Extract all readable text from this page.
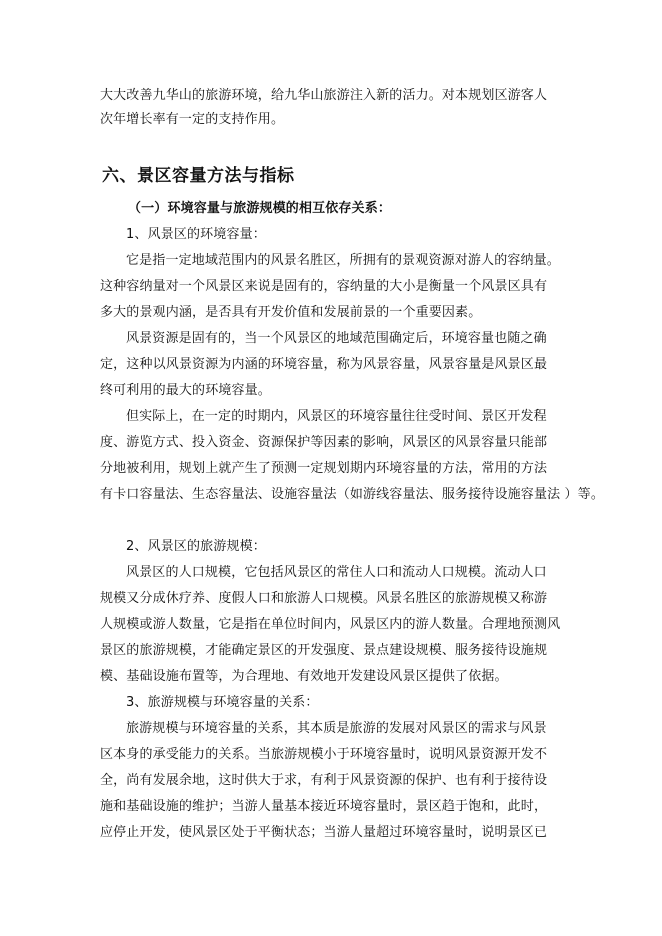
大大改善九华山的旅游环境，给九华山旅游注入新的活力。对本规划区游客人
次年增长率有一定的支持作用。
六、景区容量方法与指标
（一）环境容量与旅游规模的相互依存关系：
1、风景区的环境容量：
它是指一定地域范围内的风景名胜区，所拥有的景观资源对游人的容纳量。
这种容纳量对一个风景区来说是固有的，容纳量的大小是衡量一个风景区具有
多大的景观内涵，是否具有开发价值和发展前景的一个重要因素。
风景资源是固有的，当一个风景区的地域范围确定后，环境容量也随之确
定，这种以风景资源为内涵的环境容量，称为风景容量，风景容量是风景区最
终可利用的最大的环境容量。
但实际上，在一定的时期内，风景区的环境容量往往受时间、景区开发程
度、游览方式、投入资金、资源保护等因素的影响，风景区的风景容量只能部
分地被利用，规划上就产生了预测一定规划期内环境容量的方法，常用的方法
有卡口容量法、生态容量法、设施容量法（如游线容量法、服务接待设施容量法 ）等。
2、风景区的旅游规模：
风景区的人口规模，它包括风景区的常住人口和流动人口规模。流动人口
规模又分成休疗养、度假人口和旅游人口规模。风景名胜区的旅游规模又称游
人规模或游人数量，它是指在单位时间内，风景区内的游人数量。合理地预测风
景区的旅游规模，才能确定景区的开发强度、景点建设规模、服务接待设施规
模、基础设施布置等，为合理地、有效地开发建设风景区提供了依据。
3、旅游规模与环境容量的关系：
旅游规模与环境容量的关系，其本质是旅游的发展对风景区的需求与风景
区本身的承受能力的关系。当旅游规模小于环境容量时，说明风景资源开发不
全，尚有发展余地，这时供大于求，有利于风景资源的保护、也有利于接待设
施和基础设施的维护；当游人量基本接近环境容量时，景区趋于饱和，此时，
应停止开发，使风景区处于平衡状态；当游人量超过环境容量时，说明景区已
